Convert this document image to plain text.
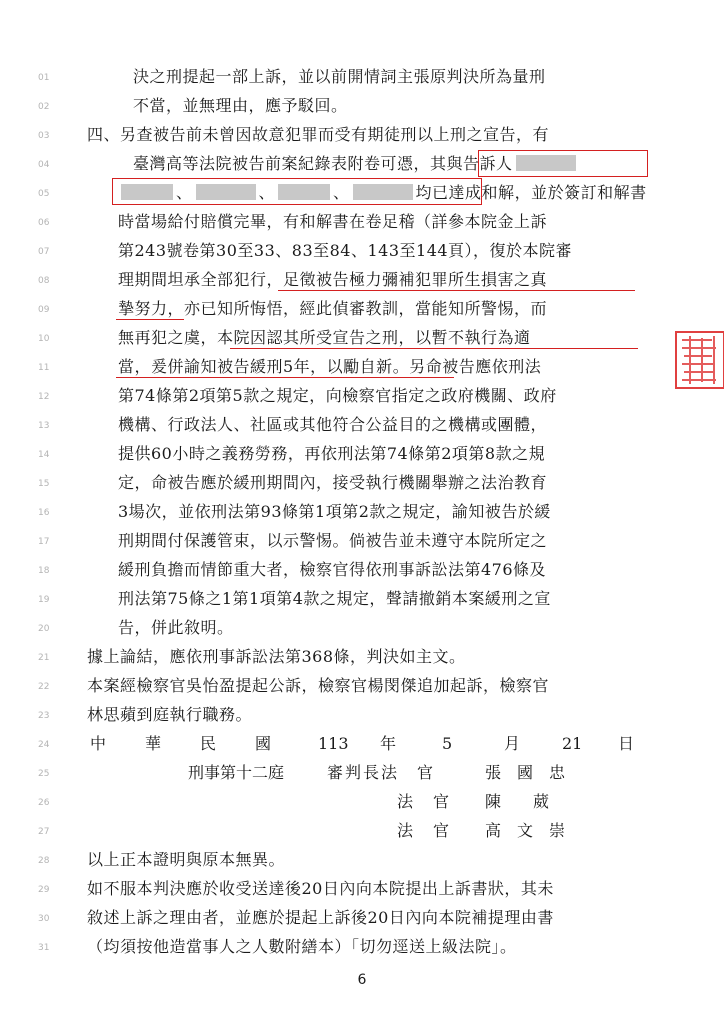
01
02
03
04
05
06
07
08
09
10
11
12
13
14
15
16
17
18
19
20
21
22
23
24
25
26
27
28
29
30
31
決之刑提起一部上訴，並以前開情詞主張原判決所為量刑
不當，並無理由，應予駁回。
四、另查被告前未曾因故意犯罪而受有期徒刑以上刑之宣告，有
臺灣高等法院被告前案紀錄表附卷可憑，其與告訴人
、	、	、	均已達成和解，並於簽訂和解書
時當場給付賠償完畢，有和解書在卷足稽（詳參本院金上訴
第243號卷第30至33、83至84、143至144頁），復於本院審
理期間坦承全部犯行，足徵被告極力彌補犯罪所生損害之真
摯努力，亦已知所悔悟，經此偵審教訓，當能知所警惕，而
無再犯之虞，本院因認其所受宣告之刑，以暫不執行為適
當，爰併諭知被告緩刑5年，以勵自新。另命被告應依刑法
第74條第2項第5款之規定，向檢察官指定之政府機關、政府
機構、行政法人、社區或其他符合公益目的之機構或團體，
提供60小時之義務勞務，再依刑法第74條第2項第8款之規
定，命被告應於緩刑期間內，接受執行機關舉辦之法治教育
3場次，並依刑法第93條第1項第2款之規定，諭知被告於緩
刑期間付保護管束，以示警惕。倘被告並未遵守本院所定之
緩刑負擔而情節重大者，檢察官得依刑事訴訟法第476條及
刑法第75條之1第1項第4款之規定，聲請撤銷本案緩刑之宣
告，併此敘明。
據上論結，應依刑事訴訟法第368條，判決如主文。
本案經檢察官吳怡盈提起公訴，檢察官楊閔傑追加起訴，檢察官
林思蘋到庭執行職務。
中 華 民 國	113 年	5	月	21 日
刑事第十二庭	審判長法　官	張國忠
法　官 陳　葳
法　官 高文崇
以上正本證明與原本無異。
如不服本判決應於收受送達後20日內向本院提出上訴書狀，其未
敘述上訴之理由者，並應於提起上訴後20日內向本院補提理由書
（均須按他造當事人之人數附繕本）「切勿逕送上級法院」。
6
